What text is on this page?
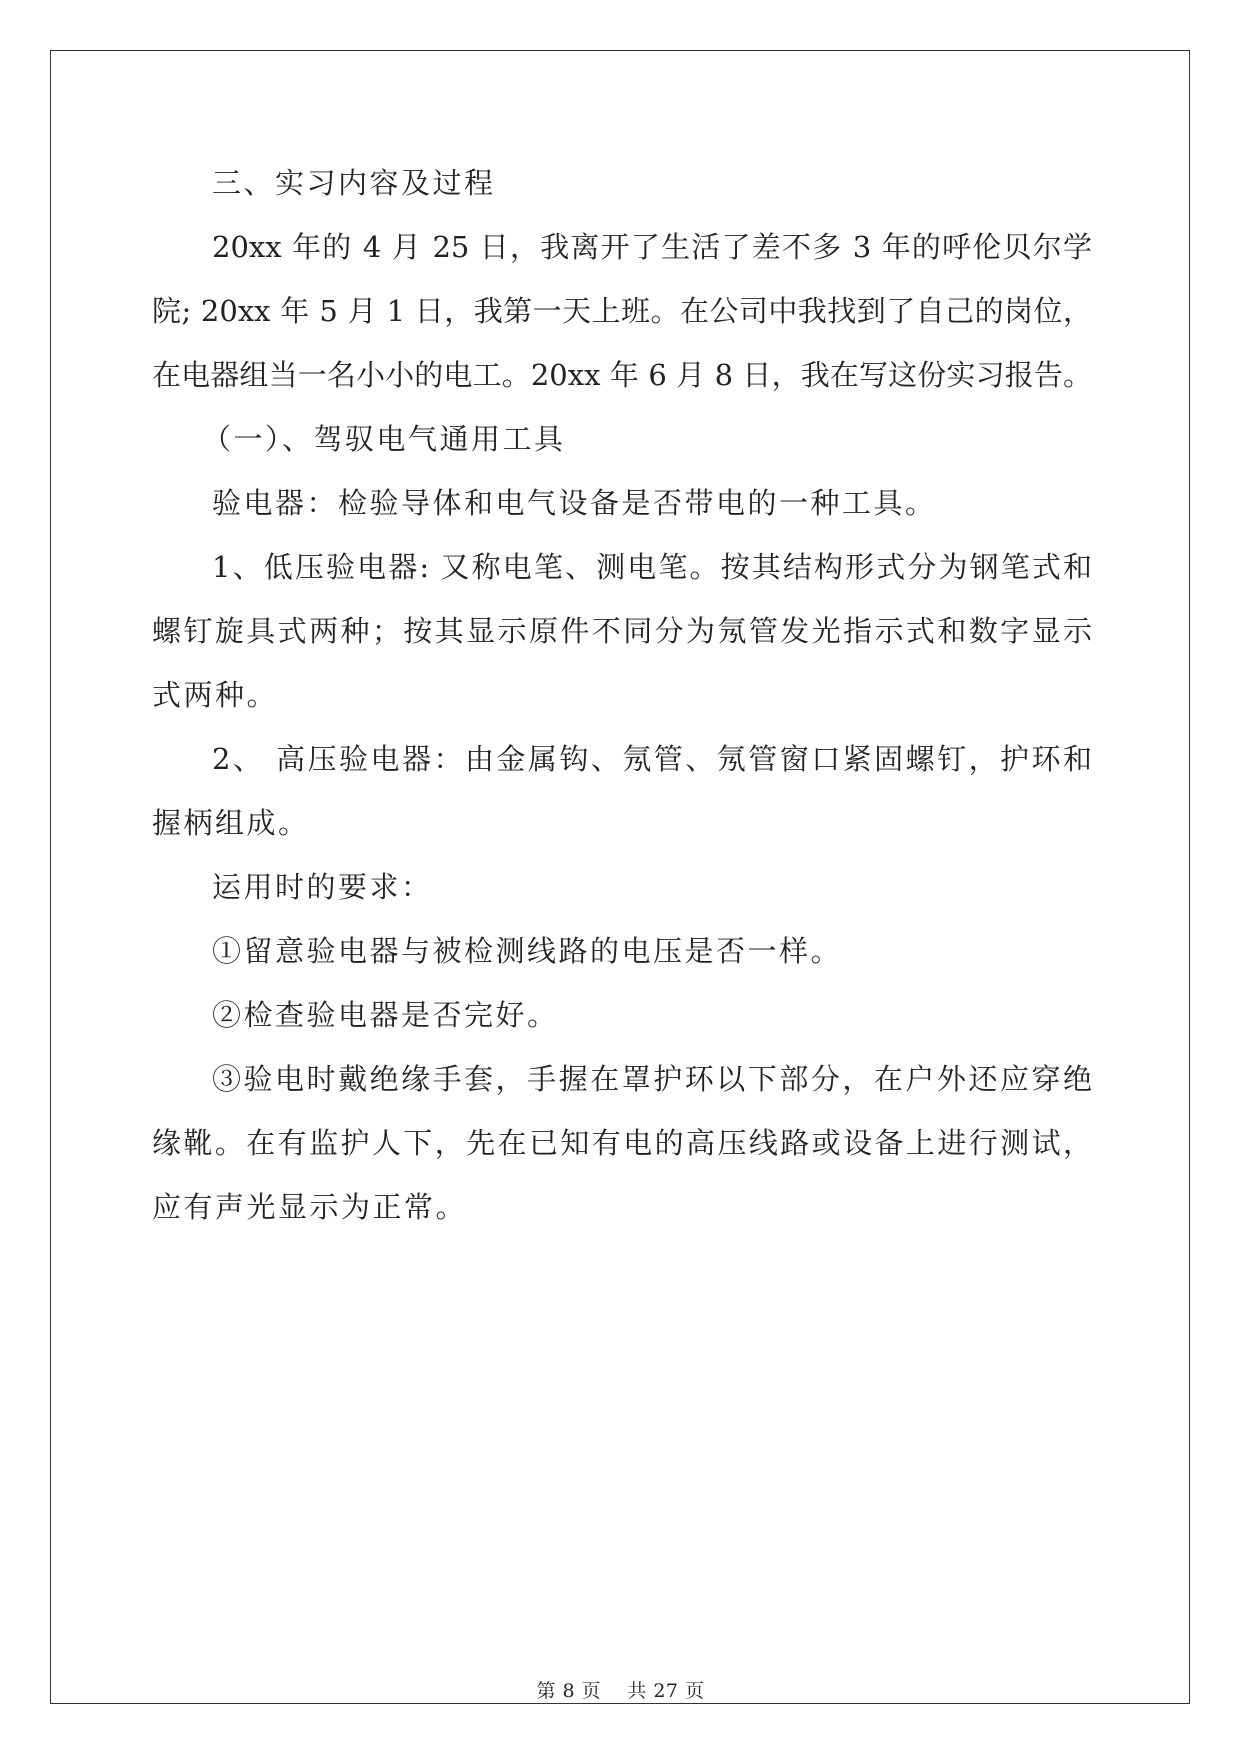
三、实习内容及过程
20xx 年的 4 月 25 日，我离开了生活了差不多 3 年的呼伦贝尔学
院; 20xx 年 5 月 1 日，我第一天上班。在公司中我找到了自己的岗位，
在电器组当一名小小的电工。20xx 年 6 月 8 日，我在写这份实习报告。
（一）、驾驭电气通用工具
验电器：检验导体和电气设备是否带电的一种工具。
1、低压验电器: 又称电笔、测电笔。按其结构形式分为钢笔式和
螺钉旋具式两种；按其显示原件不同分为氖管发光指示式和数字显示
式两种。
2、 高压验电器：由金属钩、氖管、氖管窗口紧固螺钉，护环和
握柄组成。
运用时的要求：
①留意验电器与被检测线路的电压是否一样。
②检查验电器是否完好。
③验电时戴绝缘手套，手握在罩护环以下部分，在户外还应穿绝
缘靴。在有监护人下，先在已知有电的高压线路或设备上进行测试，
应有声光显示为正常。
第 8 页 共 27 页
